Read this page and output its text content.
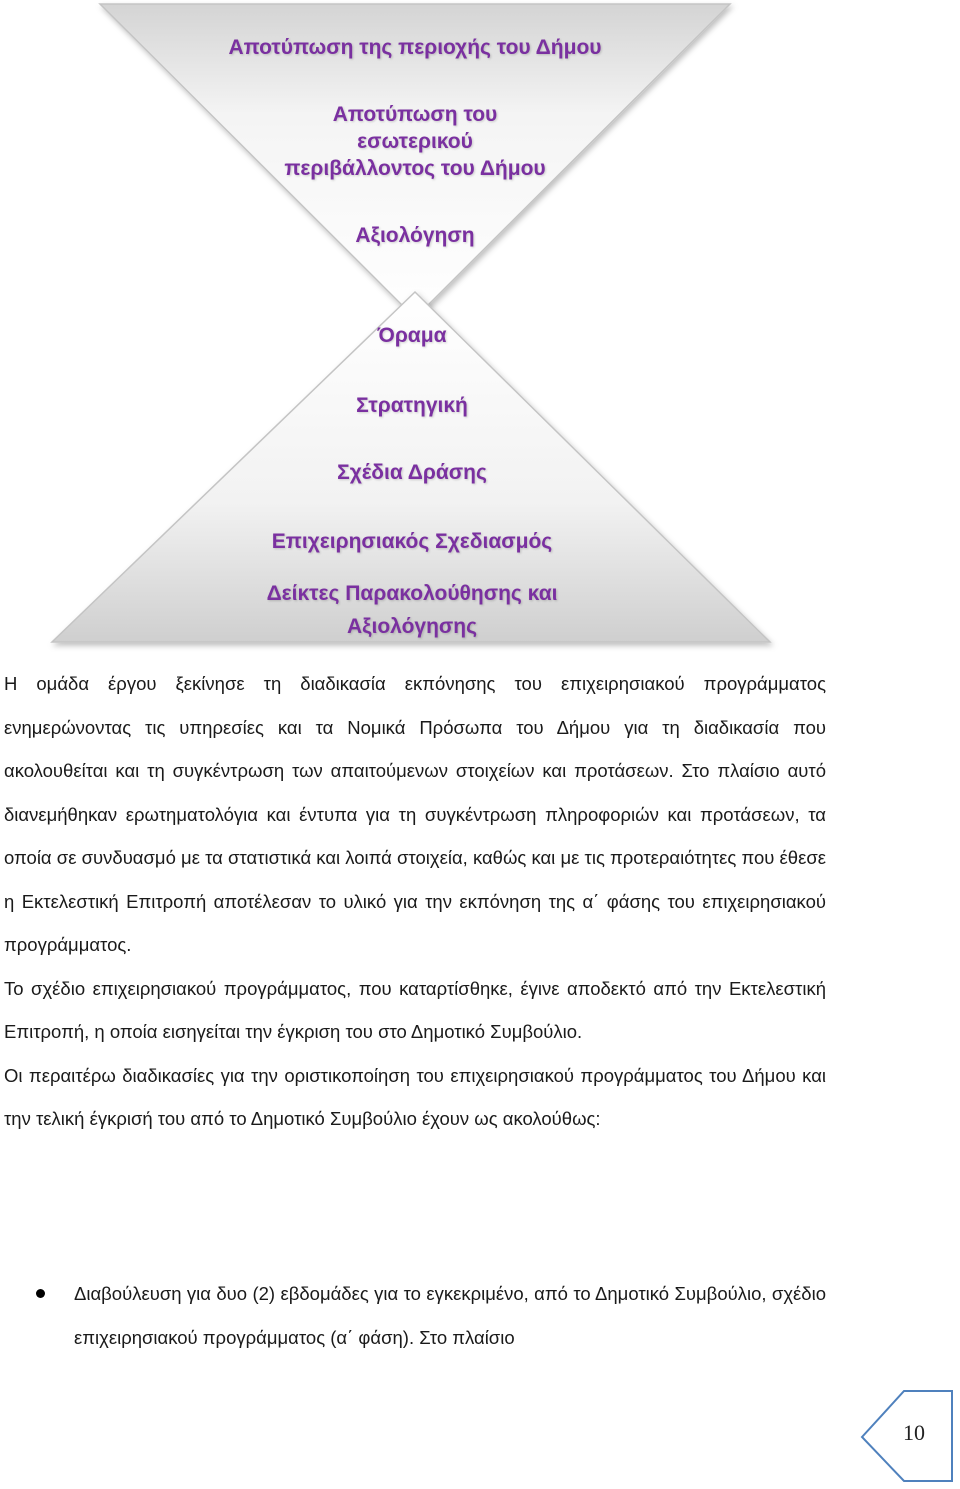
Αποτύπωση της περιοχής του Δήμου
Αποτύπωση του
εσωτερικού
περιβάλλοντος του Δήμου
Αξιολόγηση
Όραμα
Στρατηγική
Σχέδια Δράσης
Επιχειρησιακός Σχεδιασμός
Δείκτες Παρακολούθησης και
Αξιολόγησης

Η ομάδα έργου ξεκίνησε τη διαδικασία εκπόνησης του επιχειρησιακού προγράμματος ενημερώνοντας τις υπηρεσίες και τα Νομικά Πρόσωπα του Δήμου για τη διαδικασία που ακολουθείται και τη συγκέντρωση των απαιτούμενων στοιχείων και προτάσεων. Στο πλαίσιο αυτό διανεμήθηκαν ερωτηματολόγια και έντυπα για τη συγκέντρωση πληροφοριών και προτάσεων, τα οποία σε συνδυασμό με τα στατιστικά και λοιπά στοιχεία, καθώς και με τις προτεραιότητες που έθεσε η Εκτελεστική Επιτροπή αποτέλεσαν το υλικό για την εκπόνηση της α΄ φάσης του επιχειρησιακού προγράμματος.

Το σχέδιο επιχειρησιακού προγράμματος, που καταρτίσθηκε, έγινε αποδεκτό από την Εκτελεστική Επιτροπή, η οποία εισηγείται την έγκριση του στο Δημοτικό Συμβούλιο.

Οι περαιτέρω διαδικασίες για την οριστικοποίηση του επιχειρησιακού προγράμματος του Δήμου και την τελική έγκρισή του από το Δημοτικό Συμβούλιο έχουν ως ακολούθως:

Διαβούλευση για δυο (2) εβδομάδες για το εγκεκριμένο, από το Δημοτικό Συμβούλιο, σχέδιο επιχειρησιακού προγράμματος (α΄ φάση). Στο πλαίσιο
10
